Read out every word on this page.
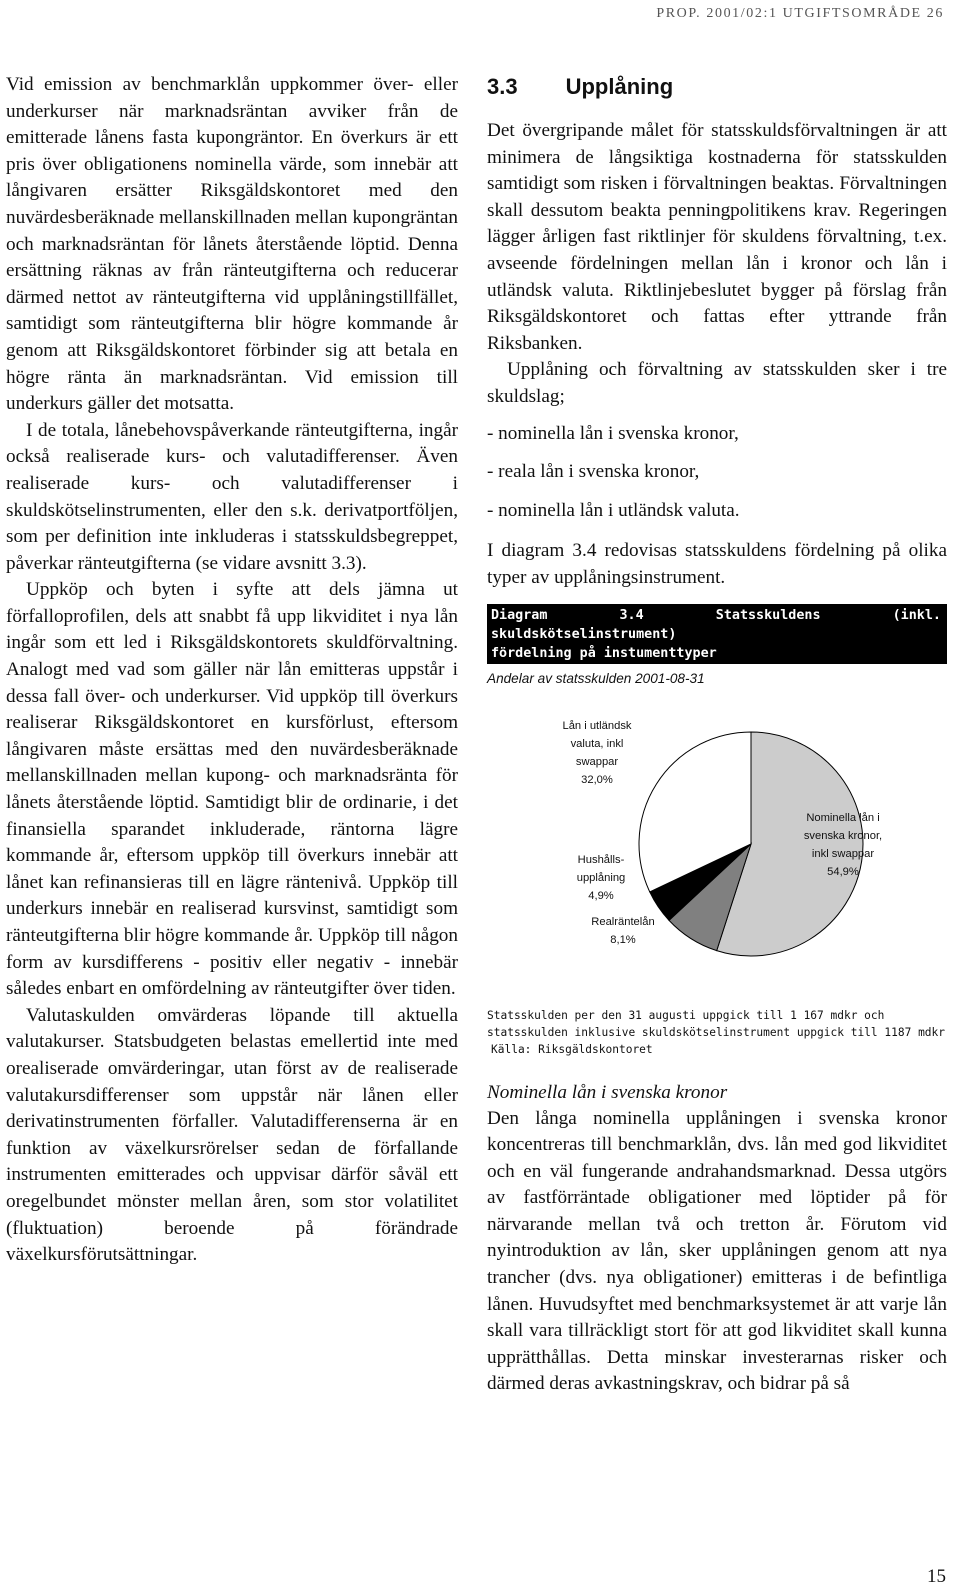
PROP. 2001/02:1 UTGIFTSOMRÅDE 26

Vid emission av benchmarklån uppkommer över- eller underkurser när marknadsräntan avviker från de emitterade lånens fasta kupongräntor. En överkurs är ett pris över obligationens nominella värde, som innebär att långivaren ersätter Riksgäldskontoret med den nuvärdesberäknade mellanskillnaden mellan kupongräntan och marknadsräntan för lånets återstående löptid. Denna ersättning räknas av från ränteutgifterna och reducerar därmed nettot av ränteutgifterna vid upplåningstillfället, samtidigt som ränteutgifterna blir högre kommande år genom att Riksgäldskontoret förbinder sig att betala en högre ränta än marknadsräntan. Vid emission till underkurs gäller det motsatta.

I de totala, lånebehovspåverkande ränteutgifterna, ingår också realiserade kurs- och valutadifferenser. Även realiserade kurs- och valutadifferenser i skuldskötselinstrumenten, eller den s.k. derivatportföljen, som per definition inte inkluderas i statsskuldsbegreppet, påverkar ränteutgifterna (se vidare avsnitt 3.3).

Uppköp och byten i syfte att dels jämna ut förfalloprofilen, dels att snabbt få upp likviditet i nya lån ingår som ett led i Riksgäldskontorets skuldförvaltning. Analogt med vad som gäller när lån emitteras uppstår i dessa fall över- och underkurser. Vid uppköp till överkurs realiserar Riksgäldskontoret en kursförlust, eftersom långivaren måste ersättas med den nuvärdesberäknade mellanskillnaden mellan kupong- och marknadsränta för lånets återstående löptid. Samtidigt blir de ordinarie, i det finansiella sparandet inkluderade, räntorna lägre kommande år, eftersom uppköp till överkurs innebär att lånet kan refinansieras till en lägre räntenivå. Uppköp till underkurs innebär en realiserad kursvinst, samtidigt som ränteutgifterna blir högre kommande år. Uppköp till någon form av kursdifferens - positiv eller negativ - innebär således enbart en omfördelning av ränteutgifter över tiden.

Valutaskulden omvärderas löpande till aktuella valutakurser. Statsbudgeten belastas emellertid inte med orealiserade omvärderingar, utan först av de realiserade valutakursdifferenser som uppstår när lånen eller derivatinstrumenten förfaller. Valutadifferenserna är en funktion av växelkursrörelser sedan de förfallande instrumenten emitterades och uppvisar därför såväl ett oregelbundet mönster mellan åren, som stor volatilitet (fluktuation) beroende på förändrade växelkursförutsättningar.

3.3 Upplåning

Det övergripande målet för statsskuldsförvaltningen är att minimera de långsiktiga kostnaderna för statsskulden samtidigt som risken i förvaltningen beaktas. Förvaltningen skall dessutom beakta penningpolitikens krav. Regeringen lägger årligen fast riktlinjer för skuldens förvaltning, t.ex. avseende fördelningen mellan lån i kronor och lån i utländsk valuta. Riktlinjebeslutet bygger på förslag från Riksgäldskontoret och fattas efter yttrande från Riksbanken.

Upplåning och förvaltning av statsskulden sker i tre skuldslag;

- nominella lån i svenska kronor,
- reala lån i svenska kronor,
- nominella lån i utländsk valuta.

I diagram 3.4 redovisas statsskuldens fördelning på olika typer av upplåningsinstrument.

Diagram 3.4 Statsskuldens (inkl. skuldskötselinstrument)
fördelning på instumenttyper
Andelar av statsskulden 2001-08-31
Lån i utländsk
valuta, inkl
swappar
32,0%
Nominella lån i
svenska kronor,
inkl swappar
54,9%
Hushålls-
upplåning
4,9%
Realräntelån
8,1%
Statsskulden per den 31 augusti uppgick till 1 167 mdkr och statsskulden inklusive skuldskötselinstrument uppgick till 1187 mdkr
Källa: Riksgäldskontoret
Nominella lån i svenska kronor

Den långa nominella upplåningen i svenska kronor koncentreras till benchmarklån, dvs. lån med god likviditet och en väl fungerande andrahandsmarknad. Dessa utgörs av fastförräntade obligationer med löptider på för närvarande mellan två och tretton år. Förutom vid nyintroduktion av lån, sker upplåningen genom att nya trancher (dvs. nya obligationer) emitteras i de befintliga lånen. Huvudsyftet med benchmarksystemet är att varje lån skall vara tillräckligt stort för att god likviditet skall kunna upprätthållas. Detta minskar investerarnas risker och därmed deras avkastningskrav, och bidrar på så

15
